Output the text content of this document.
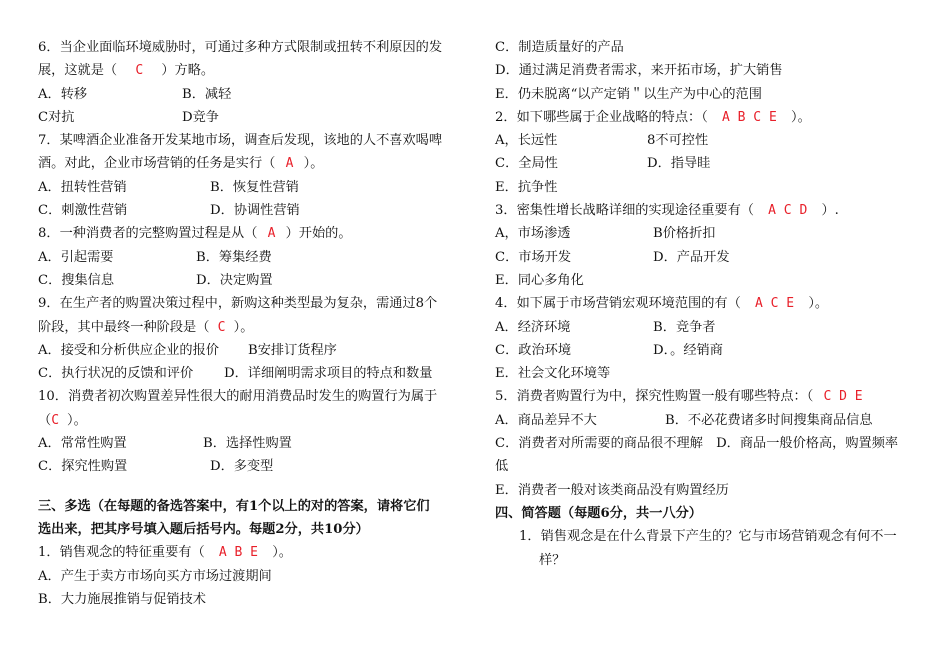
6．当企业面临环境威胁时，可通过多种方式限制或扭转不利原因的发
展，这就是（ C ）方略。
A．转移	B．减轻
C对抗	D竞争
7．某啤酒企业准备开发某地市场，调查后发现，该地的人不喜欢喝啤
酒。对此，企业市场营销的任务是实行（ A ）。
A．扭转性营销	B．恢复性营销
C．刺激性营销	D．协调性营销
8．一种消费者的完整购置过程是从（ A ）开始的。
A．引起需要	B．筹集经费
C．搜集信息	D．决定购置
9．在生产者的购置决策过程中，新购这种类型最为复杂，需通过8个
阶段，其中最终一种阶段是（ C ）。
A．接受和分析供应企业的报价 B安排订货程序
C．执行状况的反馈和评价 D．详细阐明需求项目的特点和数量
10．消费者初次购置差异性很大的耐用消费品时发生的购置行为属于
（C ）。
A．常常性购置	B．选择性购置
C．探究性购置	D．多变型
三、多选（在每题的备选答案中，有1个以上的对的答案，请将它们
选出来，把其序号填入题后括号内。每题2分，共10分）
1．销售观念的特征重要有（ A B E ）。
A．产生于卖方市场向买方市场过渡期间
B．大力施展推销与促销技术
C．制造质量好的产品
D．通过满足消费者需求，来开拓市场，扩大销售
E．仍未脱离“以产定销＂以生产为中心的范围
2．如下哪些属于企业战略的特点：（ A B C E ）。
A，长远性	8不可控性
C．全局性	D．指导眭
E．抗争性
3．密集性增长战略详细的实现途径重要有（ A C D ）.
A，市场渗透	B价格折扣
C．市场开发	D．产品开发
E．同心多角化
4．如下属于市场营销宏观环境范围的有（ A C E ）。
A．经济环境	B．竞争者
C．政治环境	D．。经销商
E．社会文化环境等
5．消费者购置行为中，探究性购置一般有哪些特点：（ C D E
A．商品差异不大	B．不必花费诸多时间搜集商品信息
C．消费者对所需要的商品很不理解　D．商品一般价格高，购置频率
低
E．消费者一般对该类商品没有购置经历
四、简答题（每题6分，共一八分）
1．销售观念是在什么背景下产生的？它与市场营销观念有何不一
样？
